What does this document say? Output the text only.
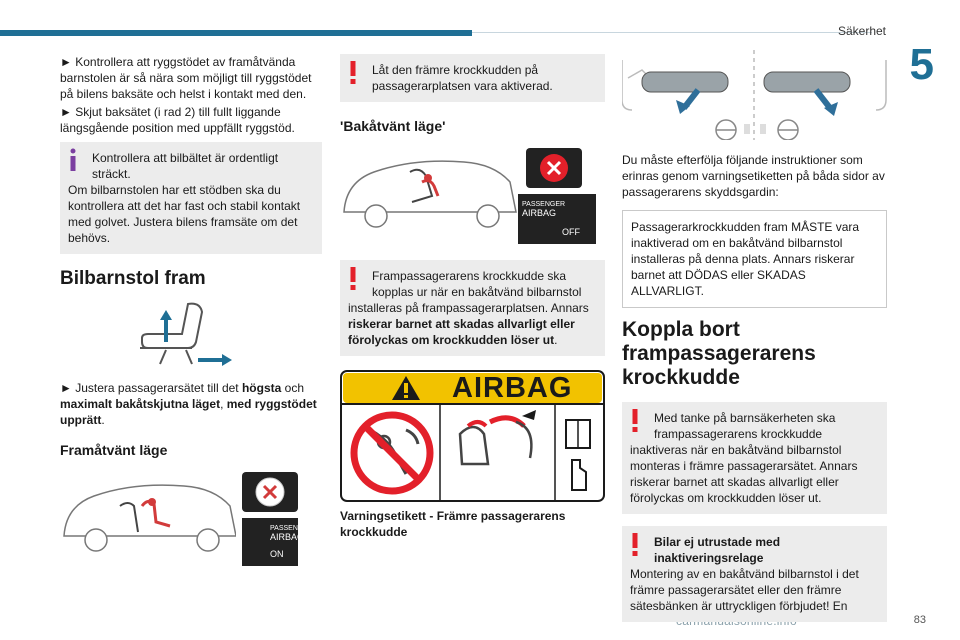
Säkerhet
5
83

► Kontrollera att ryggstödet av framåtvända barnstolen är så nära som möjligt till ryggstödet på bilens baksäte och helst i kontakt med den.

► Skjut baksätet (i rad 2) till fullt liggande längsgående position med uppfällt ryggstöd.

Kontrollera att bilbältet är ordentligt sträckt.
Om bilbarnstolen har ett stödben ska du kontrollera att det har fast och stabil kontakt med golvet. Justera bilens framsäte om det behövs.
Bilbarnstol fram

► Justera passagerarsätet till det högsta och maximalt bakåtskjutna läget, med ryggstödet upprätt.

Framåtvänt läge
PASSENGER
AIRBAG
ON
Låt den främre krockkudden på passagerarplatsen vara aktiverad.
'Bakåtvänt läge'
PASSENGER
AIRBAG
OFF
Frampassagerarens krockkudde ska kopplas ur när en bakåtvänd bilbarnstol
installeras på frampassagerarplatsen. Annars riskerar barnet att skadas allvarligt eller förolyckas om krockkudden löser ut.
AIRBAG
Varningsetikett - Främre passagerarens krockkudde

Du måste efterfölja följande instruktioner som erinras genom varningsetiketten på båda sidor av passagerarens skyddsgardin:

Passagerarkrockkudden fram MÅSTE vara inaktiverad om en bakåtvänd bilbarnstol installeras på denna plats. Annars riskerar barnet att DÖDAS eller SKADAS ALLVARLIGT.
Koppla bort frampassagerarens krockkudde
Med tanke på barnsäkerheten ska frampassagerarens krockkudde
inaktiveras när en bakåtvänd bilbarnstol monteras i främre passagerarsätet. Annars riskerar barnet att skadas allvarligt eller förolyckas om krockkudden löser ut.
Bilar ej utrustade med inaktiveringsrelage
Montering av en bakåtvänd bilbarnstol i det främre passagerarsätet eller den främre sätesbänken är uttryckligen förbjudet! En
